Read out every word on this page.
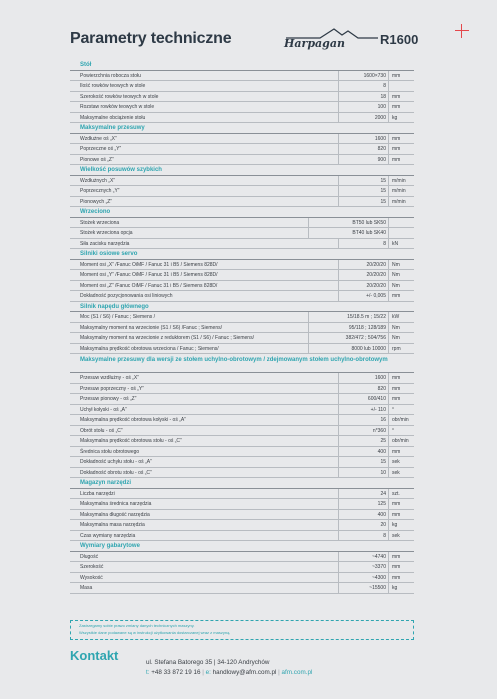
Parametry techniczne	Harpagan	R1600
Stół
Powierzchnia robocza stołu	1600×730	mm
Ilość rowków teowych w stole	8
Szerokość rowków teowych w stole	18	mm
Rozstaw rowków teowych w stole	100	mm
Maksymalne obciążenie stołu	2000	kg
Maksymalne przesuwy
Wzdłużne oś „X”	1600	mm
Poprzeczne oś „Y”	820	mm
Pionowe oś „Z”	900	mm
Wielkość posuwów szybkich
Wzdłużnych „X”	15	m/min
Poprzecznych „Y”	15	m/min
Pionowych „Z”	15	m/min
Wrzeciono
Stożek wrzeciona	BT50 lub SK50
Stożek wrzeciona opcja	BT40 lub SK40
Siła zacisku narzędzia	8	kN
Silniki osiowe servo
Moment osi „X” /Fanuc OiMF / Fanuc 31 i B5 / Siemens 828D/	20/20/20	Nm
Moment osi „Y” /Fanuc OiMF / Fanuc 31 i B5 / Siemens 828D/	20/20/20	Nm
Moment osi „Z” /Fanuc OiMF / Fanuc 31 i B5 / Siemens 828D/	20/20/20	Nm
Dokładność pozycjonowania osi liniowych	+/- 0,005	mm
Silnik napędu głównego
Moc (S1 / S6) / Fanuc ; Siemens /	15/18.5 m ; 15/22	kW
Maksymalny moment na wrzecionie (S1 / S6) /Fanuc ; Siemens/	95/118 ; 128/189	Nm
Maksymalny moment na wrzecionie z reduktorem (S1 / S6) / Fanuc ; Siemens/	382/472 ; 504/756	Nm
Maksymalna prędkość obrotowa wrzeciona / Fanuc ; Siemens/	8000 lub 10000	rpm
Maksymalne przesuwy dla wersji ze stołem uchylno-obrotowym / zdejmowanym stołem uchylno-obrotowym
Przesuw wzdłużny - oś „X”	1600	mm
Przesuw poprzeczny - oś „Y”	820	mm
Przesuw pionowy - oś „Z”	600/410	mm
Uchył kołyski - oś „A”	+/- 110	°
Maksymalna prędkość obrotowa kołyski - oś „A”	16	obr/min
Obrót stołu - oś „C”	n*360	°
Maksymalna prędkość obrotowa stołu - oś „C”	25	obr/min
Średnica stołu obrotowego	400	mm
Dokładność uchyłu stołu - oś „A”	15	sek
Dokładność obrotu stołu - oś „C”	10	sek
Magazyn narzędzi
Liczba narzędzi	24	szt.
Maksymalna średnica narzędzia	125	mm
Maksymalna długość narzędzia	400	mm
Maksymalna masa narzędzia	20	kg
Czas wymiany narzędzia	8	sek
Wymiary gabarytowe
Długość	~4740	mm
Szerokość	~3370	mm
Wysokość	~4300	mm
Masa	~15500	kg
Zastrzegamy sobie prawo zmiany danych technicznych maszyny.
Wszystkie dane podawane są w instrukcji użytkowania dostarczanej wraz z maszyną.
Kontakt	ul. Stefana Batorego 35 | 34-120 Andrychów
t: +48 33 872 19 16 | e: handlowy@afm.com.pl | afm.com.pl
